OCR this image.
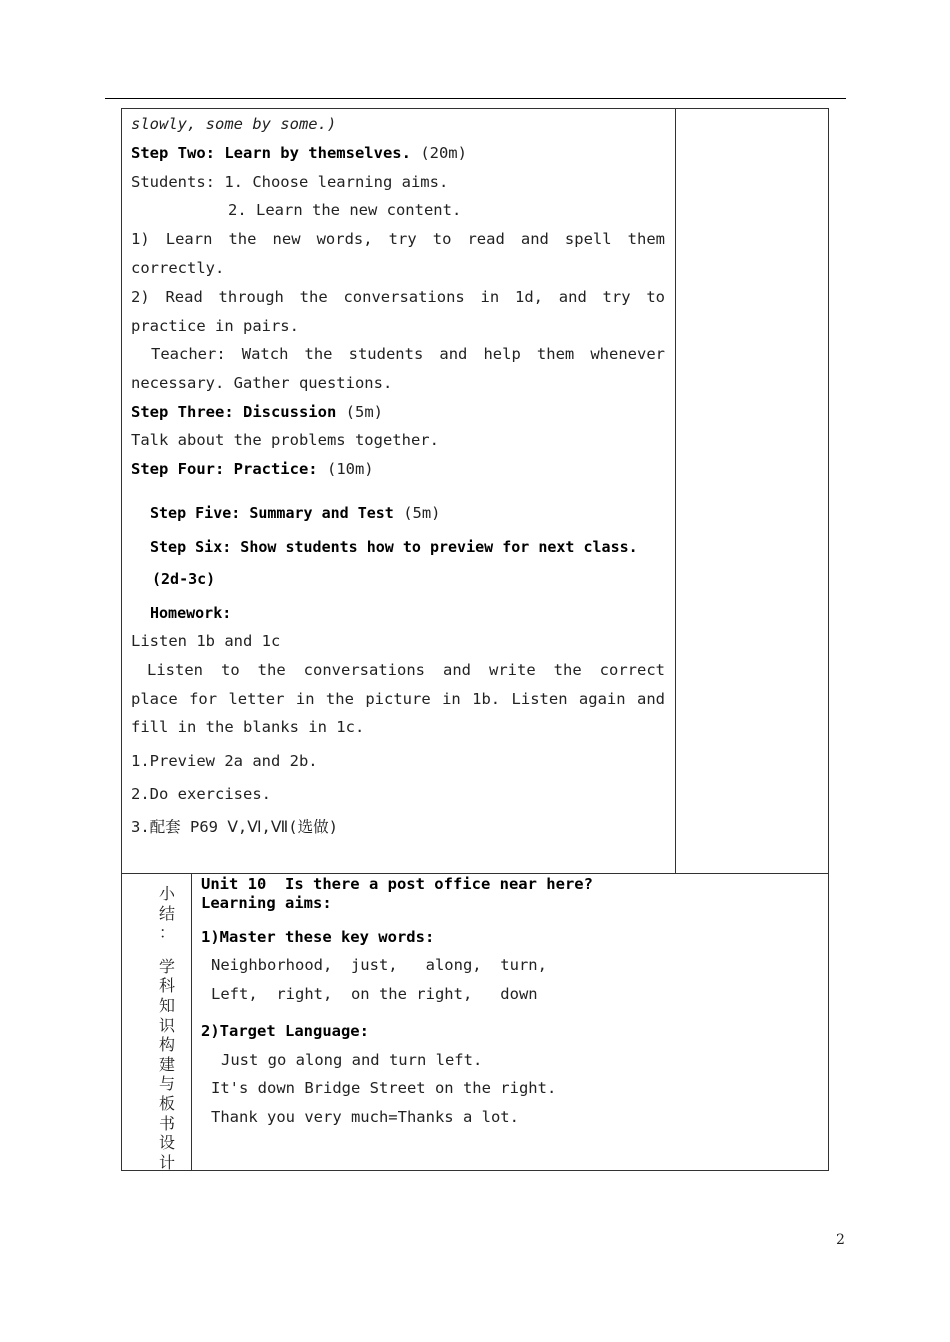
slowly, some by some.)
Step Two: Learn by themselves. (20m)
Students: 1. Choose learning aims.
2. Learn the new content.
1) Learn the new words, try to read and spell them
correctly.
2) Read through the conversations in 1d, and try to
practice in pairs.
Teacher: Watch the students and help them whenever
necessary. Gather questions.
Step Three: Discussion (5m)
Talk about the problems together.
Step Four: Practice: (10m)
Step Five: Summary and Test (5m)
Step Six: Show students how to preview for next class.
(2d-3c)
Homework:
Listen 1b and 1c
Listen to the conversations and write the correct
place for letter in the picture in 1b. Listen again and
fill in the blanks in 1c.
1.Preview 2a and 2b.
2.Do exercises.
3.配套 P69 Ⅴ,Ⅵ,Ⅶ(选做)
小
结
：
学
科
知
识
构
建
与
板
书
设
计
Unit 10  Is there a post office near here?
Learning aims:
1)Master these key words:
Neighborhood,  just,   along,  turn,
Left,  right,  on the right,   down
2)Target Language:
Just go along and turn left.
It's down Bridge Street on the right.
Thank you very much=Thanks a lot.
2
